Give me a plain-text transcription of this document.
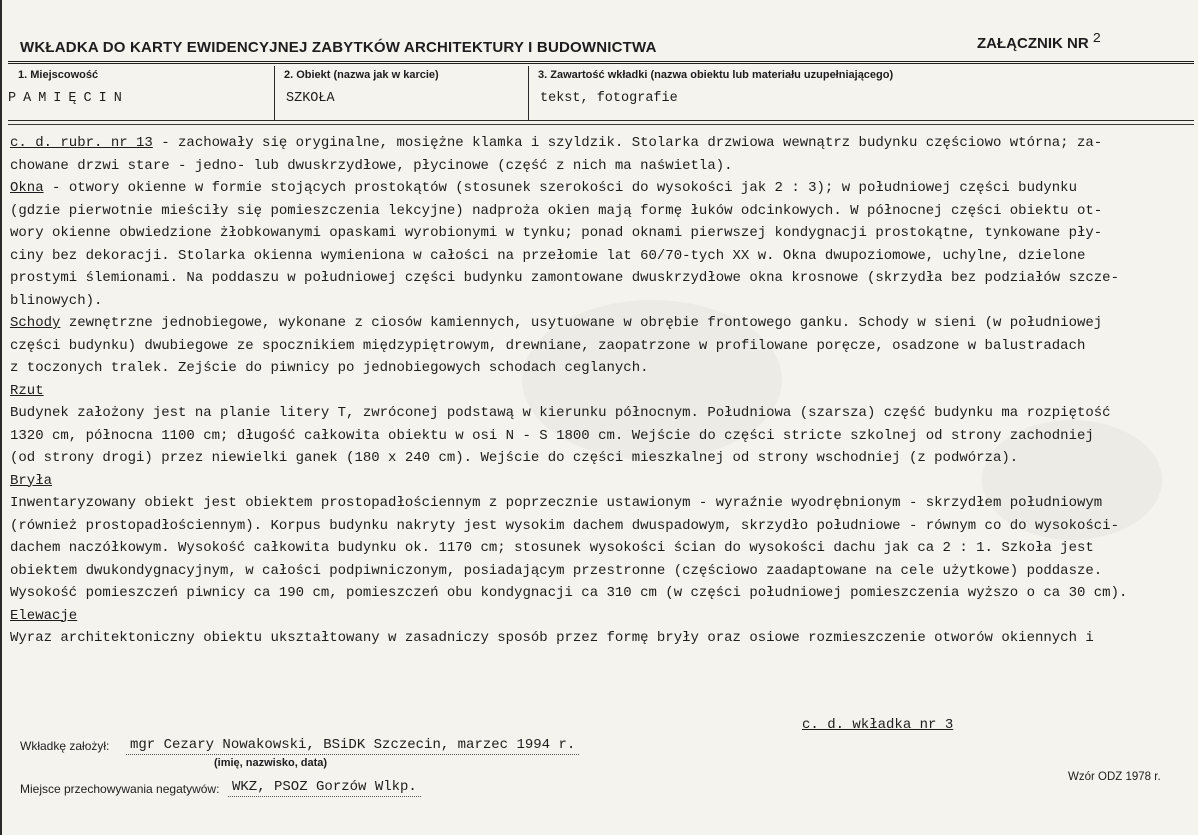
WKŁADKA DO KARTY EWIDENCYJNEJ ZABYTKÓW ARCHITEKTURY I BUDOWNICTWA	ZAŁĄCZNIK NR 2
1. Miejscowość
PAMIĘCIN
2. Obiekt (nazwa jak w karcie)
SZKOŁA
3. Zawartość wkładki (nazwa obiektu lub materiału uzupełniającego)
tekst, fotografie
c. d. rubr. nr 13 - zachowały się oryginalne, mosiężne klamka i szyldzik. Stolarka drzwiowa wewnątrz budynku częściowo wtórna; za-
chowane drzwi stare - jedno- lub dwuskrzydłowe, płycinowe (część z nich ma naświetla).
Okna - otwory okienne w formie stojących prostokątów (stosunek szerokości do wysokości jak 2 : 3); w południowej części budynku
(gdzie pierwotnie mieściły się pomieszczenia lekcyjne) nadproża okien mają formę łuków odcinkowych. W północnej części obiektu ot-
wory okienne obwiedzione żłobkowanymi opaskami wyrobionymi w tynku; ponad oknami pierwszej kondygnacji prostokątne, tynkowane pły-
ciny bez dekoracji. Stolarka okienna wymieniona w całości na przełomie lat 60/70-tych XX w. Okna dwupoziomowe, uchylne, dzielone
prostymi ślemionami. Na poddaszu w południowej części budynku zamontowane dwuskrzydłowe okna krosnowe (skrzydła bez podziałów szcze-
blinowych).
Schody zewnętrzne jednobiegowe, wykonane z ciosów kamiennych, usytuowane w obrębie frontowego ganku. Schody w sieni (w południowej
części budynku) dwubiegowe ze spocznikiem międzypiętrowym, drewniane, zaopatrzone w profilowane poręcze, osadzone w balustradach
z toczonych tralek. Zejście do piwnicy po jednobiegowych schodach ceglanych.
Rzut
Budynek założony jest na planie litery T, zwróconej podstawą w kierunku północnym. Południowa (szarsza) część budynku ma rozpiętość
1320 cm, północna 1100 cm; długość całkowita obiektu w osi N - S 1800 cm. Wejście do części stricte szkolnej od strony zachodniej
(od strony drogi) przez niewielki ganek (180 x 240 cm). Wejście do części mieszkalnej od strony wschodniej (z podwórza).
Bryła
Inwentaryzowany obiekt jest obiektem prostopadłościennym z poprzecznie ustawionym - wyraźnie wyodrębnionym - skrzydłem południowym
(również prostopadłościennym). Korpus budynku nakryty jest wysokim dachem dwuspadowym, skrzydło południowe - równym co do wysokości-
dachem naczółkowym. Wysokość całkowita budynku ok. 1170 cm; stosunek wysokości ścian do wysokości dachu jak ca 2 : 1. Szkoła jest
obiektem dwukondygnacyjnym, w całości podpiwniczonym, posiadającym przestronne (częściowo zaadaptowane na cele użytkowe) poddasze.
Wysokość pomieszczeń piwnicy ca 190 cm, pomieszczeń obu kondygnacji ca 310 cm (w części południowej pomieszczenia wyższo o ca 30 cm).
Elewacje
Wyraz architektoniczny obiektu ukształtowany w zasadniczy sposób przez formę bryły oraz osiowe rozmieszczenie otworów okiennych i
c. d. wkładka nr 3
Wkładkę założył: mgr Cezary Nowakowski, BSiDK Szczecin, marzec 1994 r.
(imię, nazwisko, data)
Miejsce przechowywania negatywów: WKZ, PSOZ Gorzów Wlkp.
Wzór ODZ 1978 r.
